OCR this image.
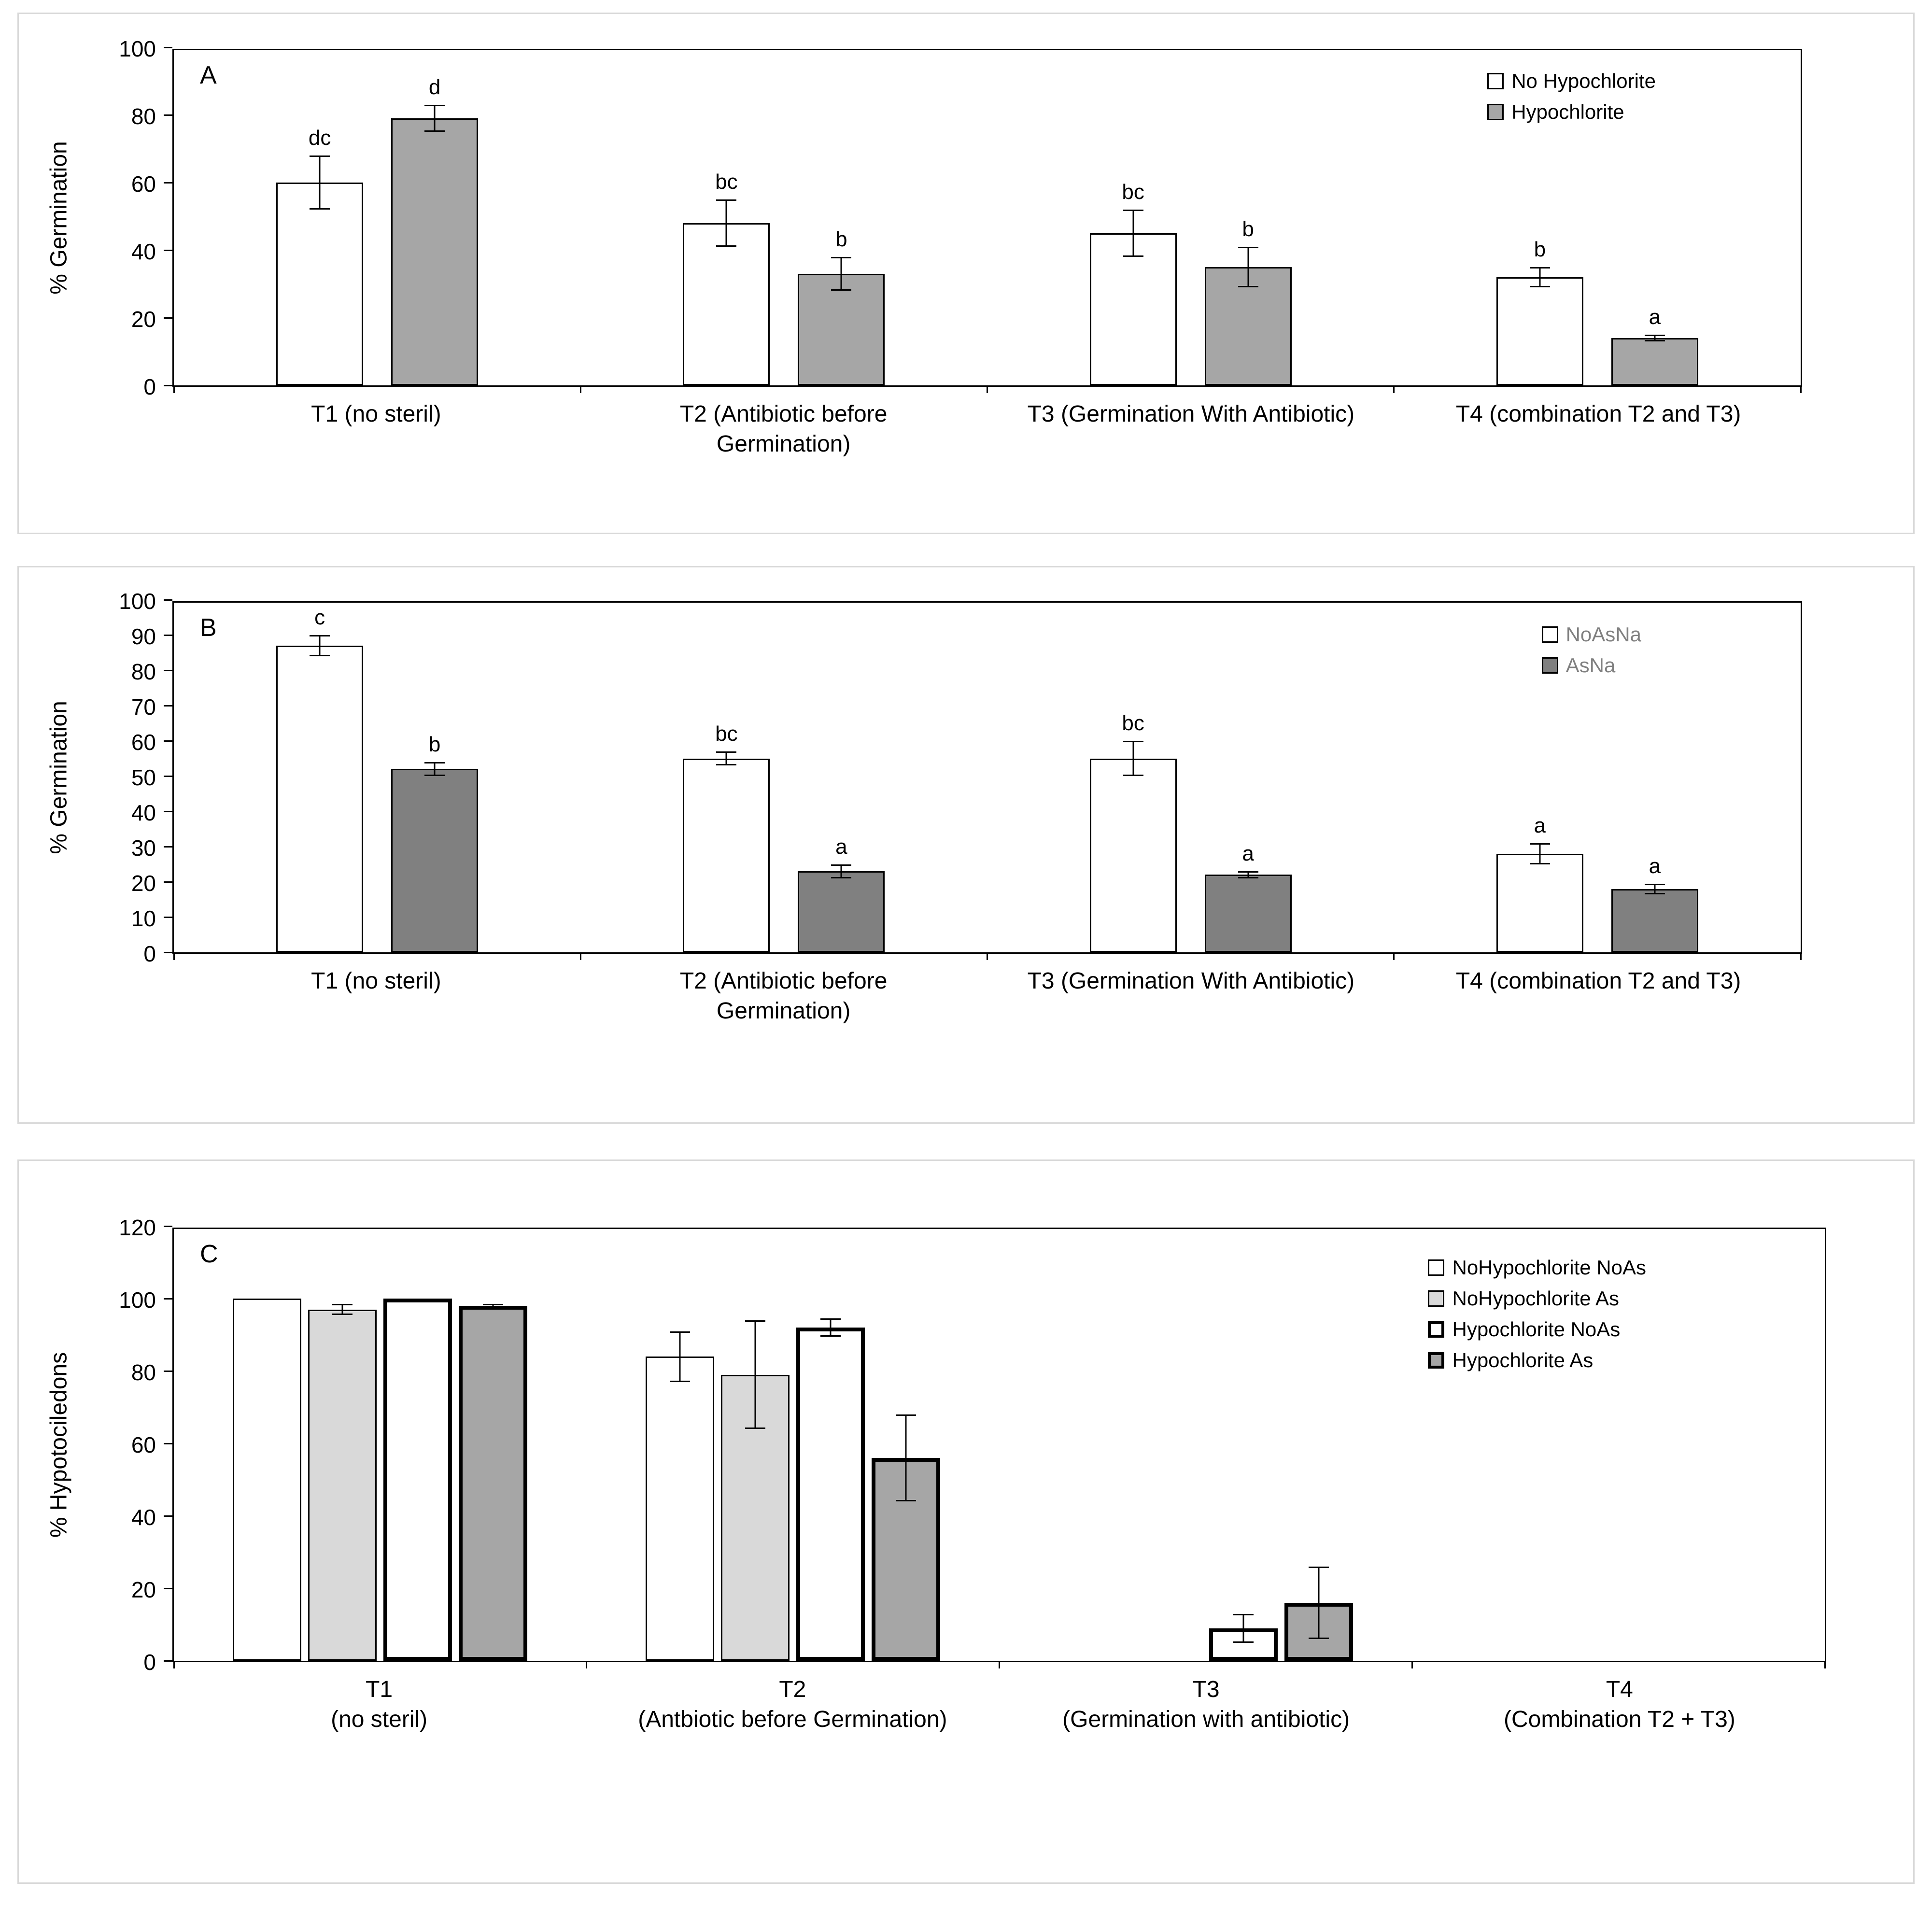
% Germination
0
20
40
60
80
100
A
dc
d
bc
b
bc
b
b
a
No Hypochlorite
Hypochlorite
T1 (no steril)	T2 (Antibiotic before Germination)
T3 (Germination With Antibiotic)	T4 (combination T2 and T3)
% Germination
0
10
20
30
40
50
60
70
80
90
100
B	c
b	bc
a
bc
a
a
a
NoAsNa
AsNa
T1 (no steril)	T2 (Antibiotic before Germination)
T3 (Germination With Antibiotic)	T4 (combination T2 and T3)
% Hypotociledons
0
20
40
60
80
100
120
C	NoHypochlorite NoAs
NoHypochlorite As
Hypochlorite NoAs
Hypochlorite As
T1
(no steril)
T2
(Antbiotic before Germination)
T3
(Germination with antibiotic)
T4
(Combination T2 + T3)
